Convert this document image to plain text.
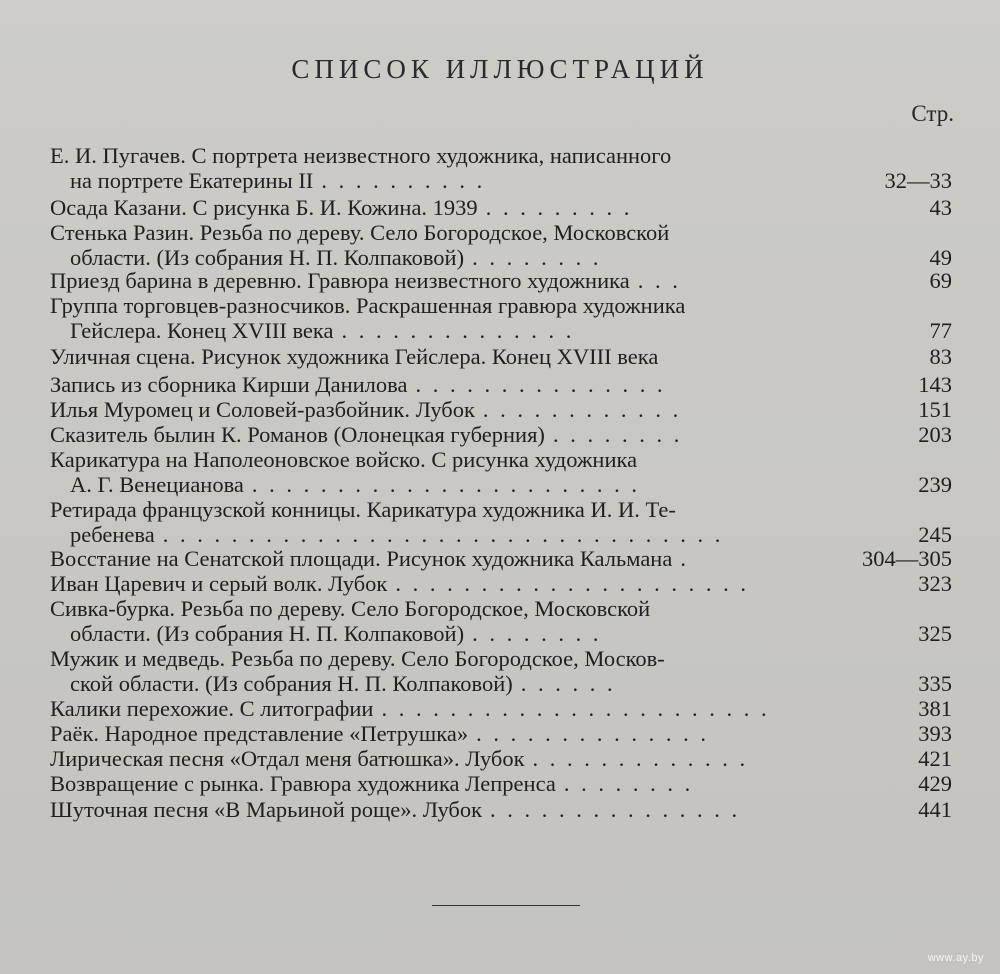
СПИСОК ИЛЛЮСТРАЦИЙ
Стр.
Е. И. Пугачев. С портрета неизвестного художника, написанного
на портрете Екатерины II . . . . . . . . . .	32—33
Осада Казани. С рисунка Б. И. Кожина. 1939 . . . . . . . . .	43
Стенька Разин. Резьба по дереву. Село Богородское, Московской
области. (Из собрания Н. П. Колпаковой) . . . . . . . .	49
Приезд барина в деревню. Гравюра неизвестного художника . . .	69
Группа торговцев-разносчиков. Раскрашенная гравюра художника
Гейслера. Конец XVIII века . . . . . . . . . . . . . .	77
Уличная сцена. Рисунок художника Гейслера. Конец XVIII века	83
Запись из сборника Кирши Данилова . . . . . . . . . . . . . . .	143
Илья Муромец и Соловей-разбойник. Лубок . . . . . . . . . . . .	151
Сказитель былин К. Романов (Олонецкая губерния) . . . . . . . .	203
Карикатура на Наполеоновское войско. С рисунка художника
А. Г. Венецианова . . . . . . . . . . . . . . . . . . . . . . .	239
Ретирада французской конницы. Карикатура художника И. И. Те-
ребенева . . . . . . . . . . . . . . . . . . . . . . . . . . . . . . . . .	245
Восстание на Сенатской площади. Рисунок художника Кальмана .	304—305
Иван Царевич и серый волк. Лубок . . . . . . . . . . . . . . . . . . . . .	323
Сивка-бурка. Резьба по дереву. Село Богородское, Московской
области. (Из собрания Н. П. Колпаковой) . . . . . . . .	325
Мужик и медведь. Резьба по дереву. Село Богородское, Москов-
ской области. (Из собрания Н. П. Колпаковой) . . . . . .	335
Калики перехожие. С литографии . . . . . . . . . . . . . . . . . . . . . . .	381
Раёк. Народное представление «Петрушка» . . . . . . . . . . . . . .	393
Лирическая песня «Отдал меня батюшка». Лубок . . . . . . . . . . . . .	421
Возвращение с рынка. Гравюра художника Лепренса . . . . . . . .	429
Шуточная песня «В Марьиной роще». Лубок . . . . . . . . . . . . . . .	441
www.ay.by
